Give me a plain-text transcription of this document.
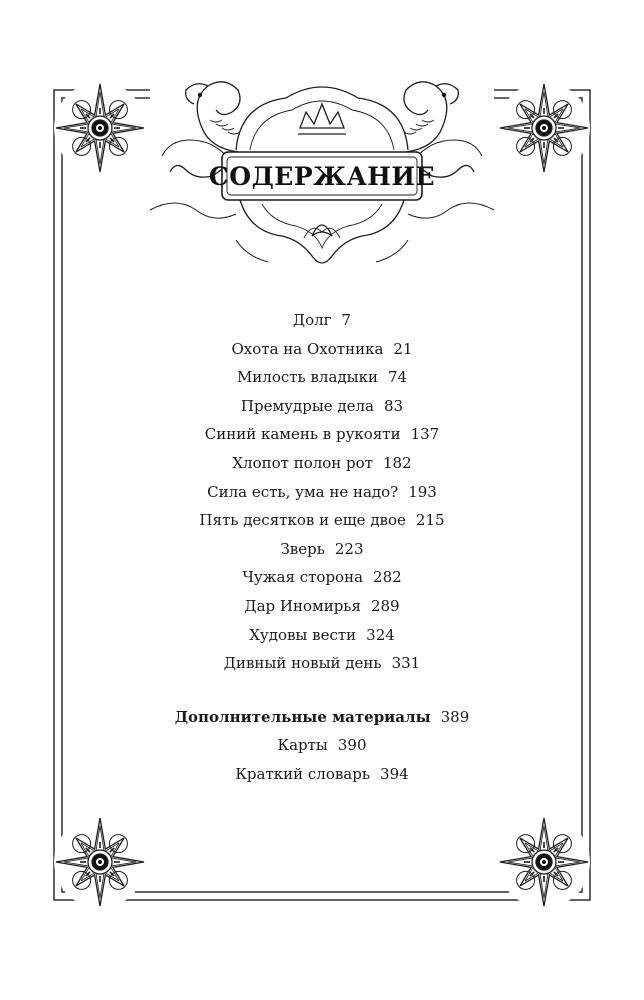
СОДЕРЖАНИЕ
Долг 7
Охота на Охотника 21
Милость владыки 74
Премудрые дела 83
Синий камень в рукояти 137
Хлопот полон рот 182
Сила есть, ума не надо? 193
Пять десятков и еще двое 215
Зверь 223
Чужая сторона 282
Дар Иномирья 289
Худовы вести 324
Дивный новый день 331
Дополнительные материалы 389
Карты 390
Краткий словарь 394
